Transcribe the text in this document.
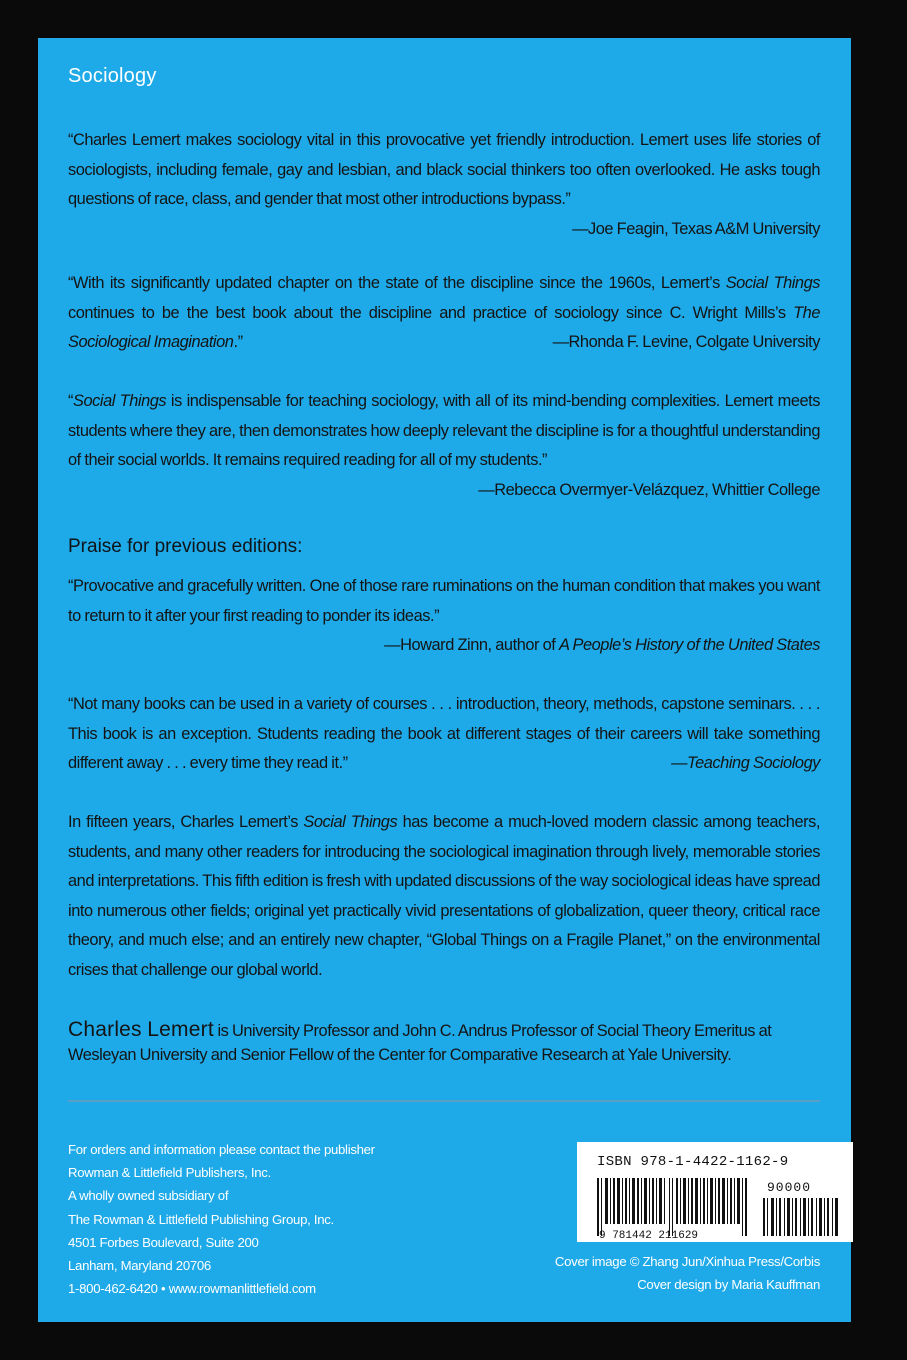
Sociology
“Charles Lemert makes sociology vital in this provocative yet friendly introduction. Lemert uses life stories of sociologists, including female, gay and lesbian, and black social thinkers too often overlooked. He asks tough questions of race, class, and gender that most other introductions bypass.”
—Joe Feagin, Texas A&M University
“With its significantly updated chapter on the state of the discipline since the 1960s, Lemert’s Social Things continues to be the best book about the discipline and practice of sociology since C. Wright Mills’s The Sociological Imagination.”	—Rhonda F. Levine, Colgate University
“Social Things is indispensable for teaching sociology, with all of its mind-bending complexities. Lemert meets students where they are, then demonstrates how deeply relevant the discipline is for a thoughtful understanding of their social worlds. It remains required reading for all of my students.”
—Rebecca Overmyer-Velázquez, Whittier College
Praise for previous editions:
“Provocative and gracefully written. One of those rare ruminations on the human condition that makes you want to return to it after your first reading to ponder its ideas.”
—Howard Zinn, author of A People’s History of the United States
“Not many books can be used in a variety of courses . . . introduction, theory, methods, capstone seminars. . . . This book is an exception. Students reading the book at different stages of their careers will take something different away . . . every time they read it.”	—Teaching Sociology
In fifteen years, Charles Lemert’s Social Things has become a much-loved modern classic among teachers, students, and many other readers for introducing the sociological imagination through lively, memorable stories and interpretations. This fifth edition is fresh with updated discussions of the way sociological ideas have spread into numerous other fields; original yet practically vivid presentations of globalization, queer theory, critical race theory, and much else; and an entirely new chapter, “Global Things on a Fragile Planet,” on the environmental crises that challenge our global world.
Charles Lemert is University Professor and John C. Andrus Professor of Social Theory Emeritus at Wesleyan University and Senior Fellow of the Center for Comparative Research at Yale University.
For orders and information please contact the publisher
Rowman & Littlefield Publishers, Inc.
A wholly owned subsidiary of
The Rowman & Littlefield Publishing Group, Inc.
4501 Forbes Boulevard, Suite 200
Lanham, Maryland 20706
1-800-462-6420 • www.rowmanlittlefield.com
ISBN 978-1-4422-1162-9
90000
9 781442 211629
Cover image © Zhang Jun/Xinhua Press/Corbis
Cover design by Maria Kauffman
